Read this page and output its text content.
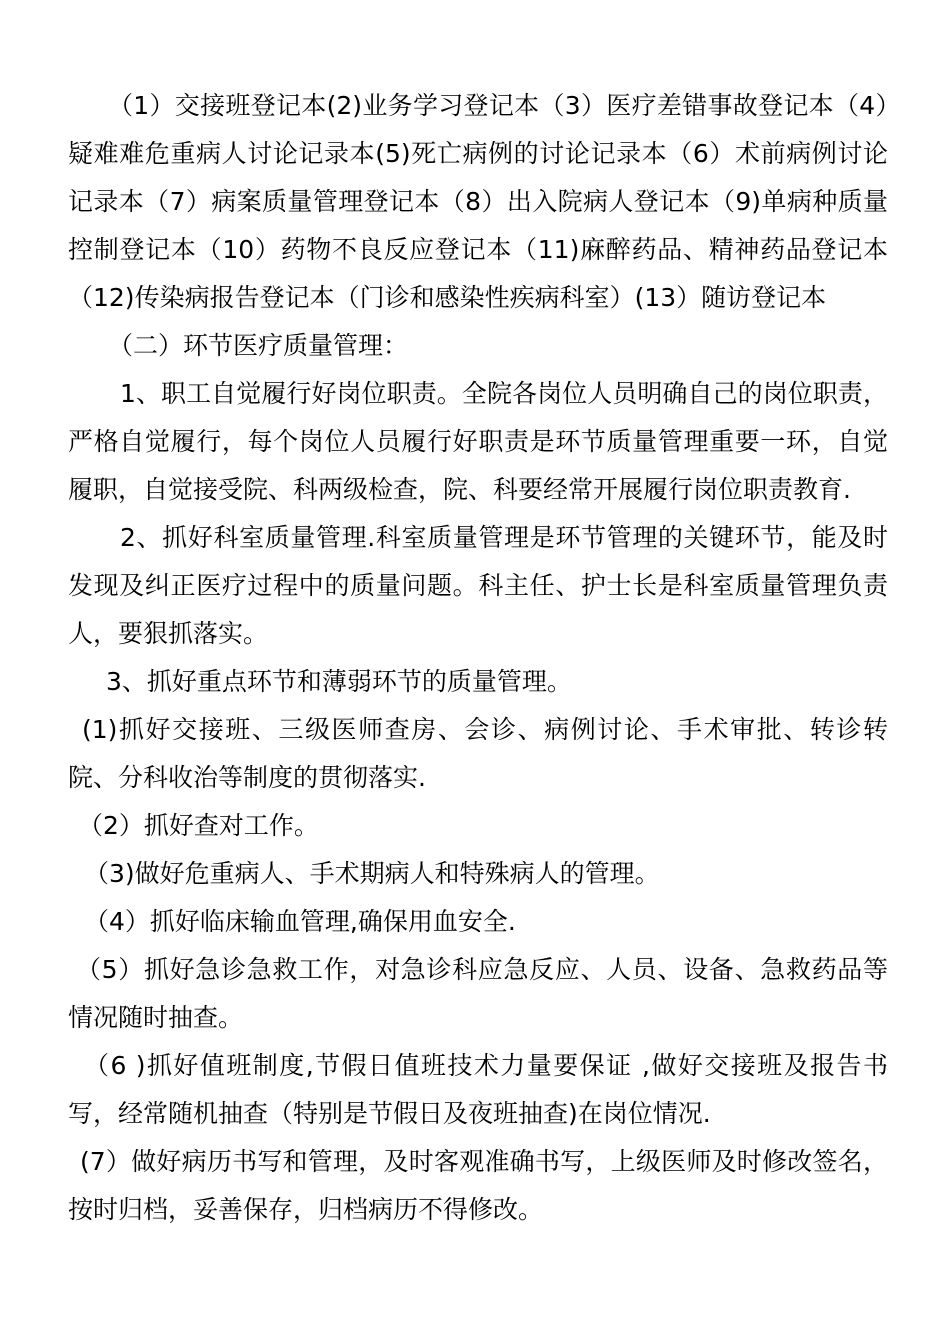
（1）交接班登记本(2)业务学习登记本（3）医疗差错事故登记本（4）疑难难危重病人讨论记录本(5)死亡病例的讨论记录本（6）术前病例讨论记录本（7）病案质量管理登记本（8）出入院病人登记本（9)单病种质量控制登记本（10）药物不良反应登记本（11)麻醉药品、精神药品登记本（12)传染病报告登记本（门诊和感染性疾病科室）(13）随访登记本

（二）环节医疗质量管理：

1、职工自觉履行好岗位职责。全院各岗位人员明确自己的岗位职责，严格自觉履行，每个岗位人员履行好职责是环节质量管理重要一环，自觉履职，自觉接受院、科两级检查，院、科要经常开展履行岗位职责教育.

2、抓好科室质量管理.科室质量管理是环节管理的关键环节，能及时发现及纠正医疗过程中的质量问题。科主任、护士长是科室质量管理负责人，要狠抓落实。

3、抓好重点环节和薄弱环节的质量管理。

(1)抓好交接班、三级医师查房、会诊、病例讨论、手术审批、转诊转院、分科收治等制度的贯彻落实.

（2）抓好查对工作。

（3)做好危重病人、手术期病人和特殊病人的管理。

（4）抓好临床输血管理,确保用血安全.

（5）抓好急诊急救工作，对急诊科应急反应、人员、设备、急救药品等情况随时抽查。

（6 )抓好值班制度,节假日值班技术力量要保证 ,做好交接班及报告书写，经常随机抽查（特别是节假日及夜班抽查)在岗位情况.

(7）做好病历书写和管理，及时客观准确书写，上级医师及时修改签名，按时归档，妥善保存，归档病历不得修改。
